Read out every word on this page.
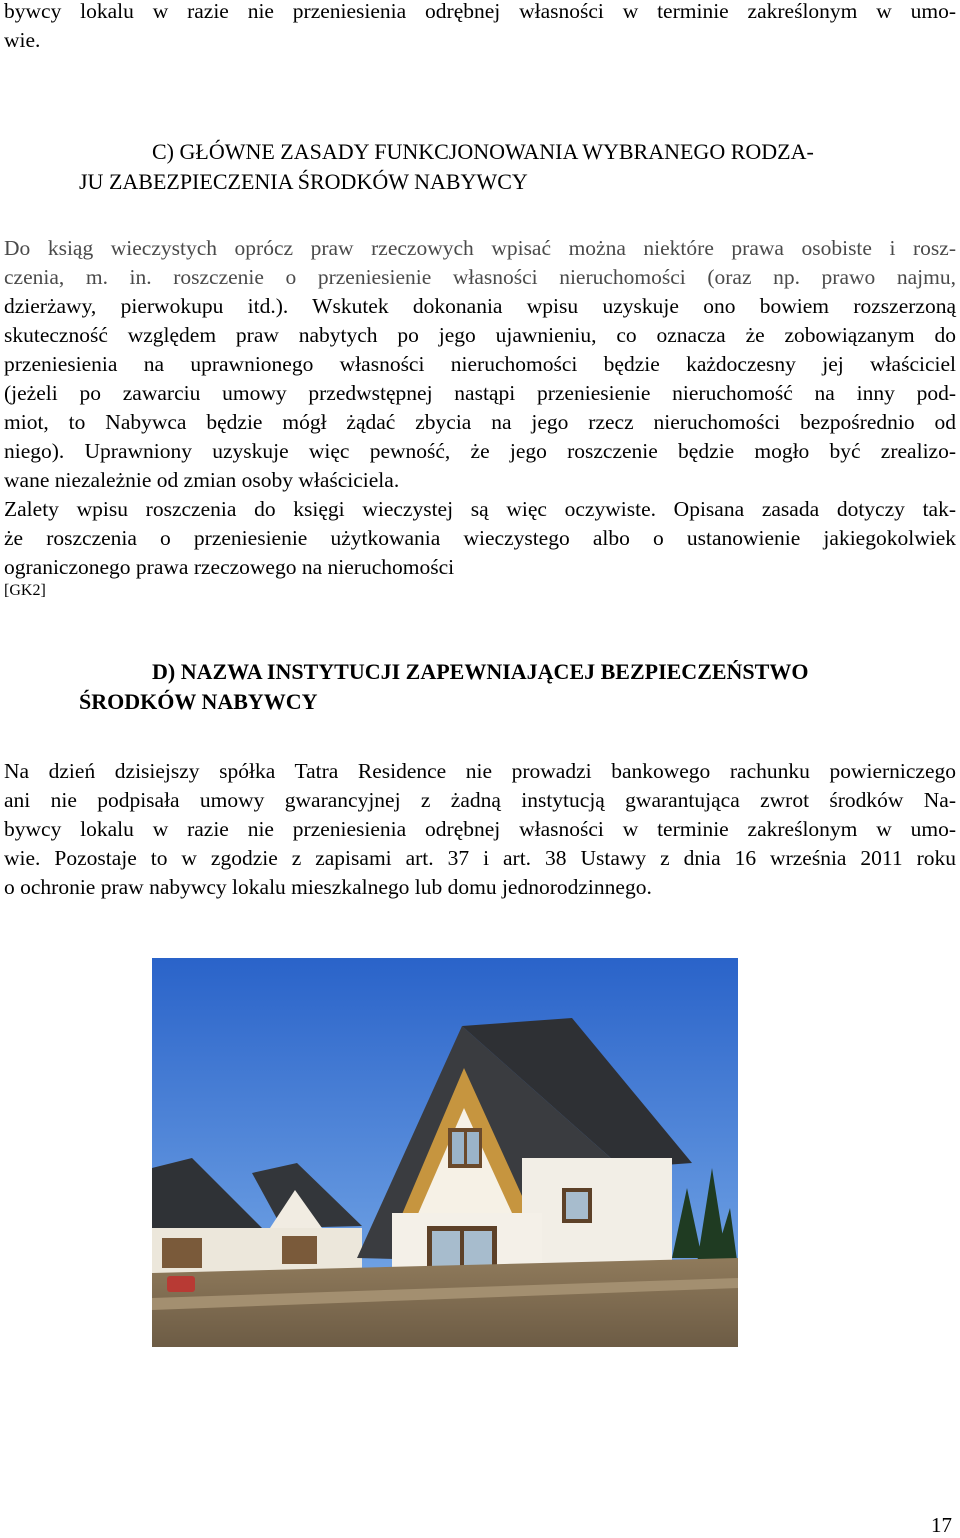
bywcy lokalu w razie nie przeniesienia odrębnej własności w terminie zakreślonym w umo-
wie.
C) GŁÓWNE ZASADY FUNKCJONOWANIA WYBRANEGO RODZA-
JU ZABEZPIECZENIA ŚRODKÓW NABYWCY
Do ksiąg wieczystych oprócz praw rzeczowych wpisać można niektóre prawa osobiste i rosz-
czenia, m. in. roszczenie o przeniesienie własności nieruchomości (oraz np. prawo najmu,
dzierżawy, pierwokupu itd.). Wskutek dokonania wpisu uzyskuje ono bowiem rozszerzoną
skuteczność względem praw nabytych po jego ujawnieniu, co oznacza że zobowiązanym do
przeniesienia na uprawnionego własności nieruchomości będzie każdoczesny jej właściciel
(jeżeli po zawarciu umowy przedwstępnej nastąpi przeniesienie nieruchomość na inny pod-
miot, to Nabywca będzie mógł żądać zbycia na jego rzecz nieruchomości bezpośrednio od
niego). Uprawniony uzyskuje więc pewność, że jego roszczenie będzie mogło być zrealizo-
wane niezależnie od zmian osoby właściciela.
Zalety wpisu roszczenia do księgi wieczystej są więc oczywiste. Opisana zasada dotyczy tak-
że roszczenia o przeniesienie użytkowania wieczystego albo o ustanowienie jakiegokolwiek
ograniczonego prawa rzeczowego na nieruchomości
[GK2]
D) NAZWA INSTYTUCJI ZAPEWNIAJĄCEJ BEZPIECZEŃSTWO
ŚRODKÓW NABYWCY
Na dzień dzisiejszy spółka Tatra Residence nie prowadzi bankowego rachunku powierniczego
ani nie podpisała umowy gwarancyjnej z żadną instytucją gwarantująca zwrot środków Na-
bywcy lokalu w razie nie przeniesienia odrębnej własności w terminie zakreślonym w umo-
wie. Pozostaje to w zgodzie z zapisami art. 37 i art. 38 Ustawy z dnia 16 września 2011 roku
o ochronie praw nabywcy lokalu mieszkalnego lub domu jednorodzinnego.
17
